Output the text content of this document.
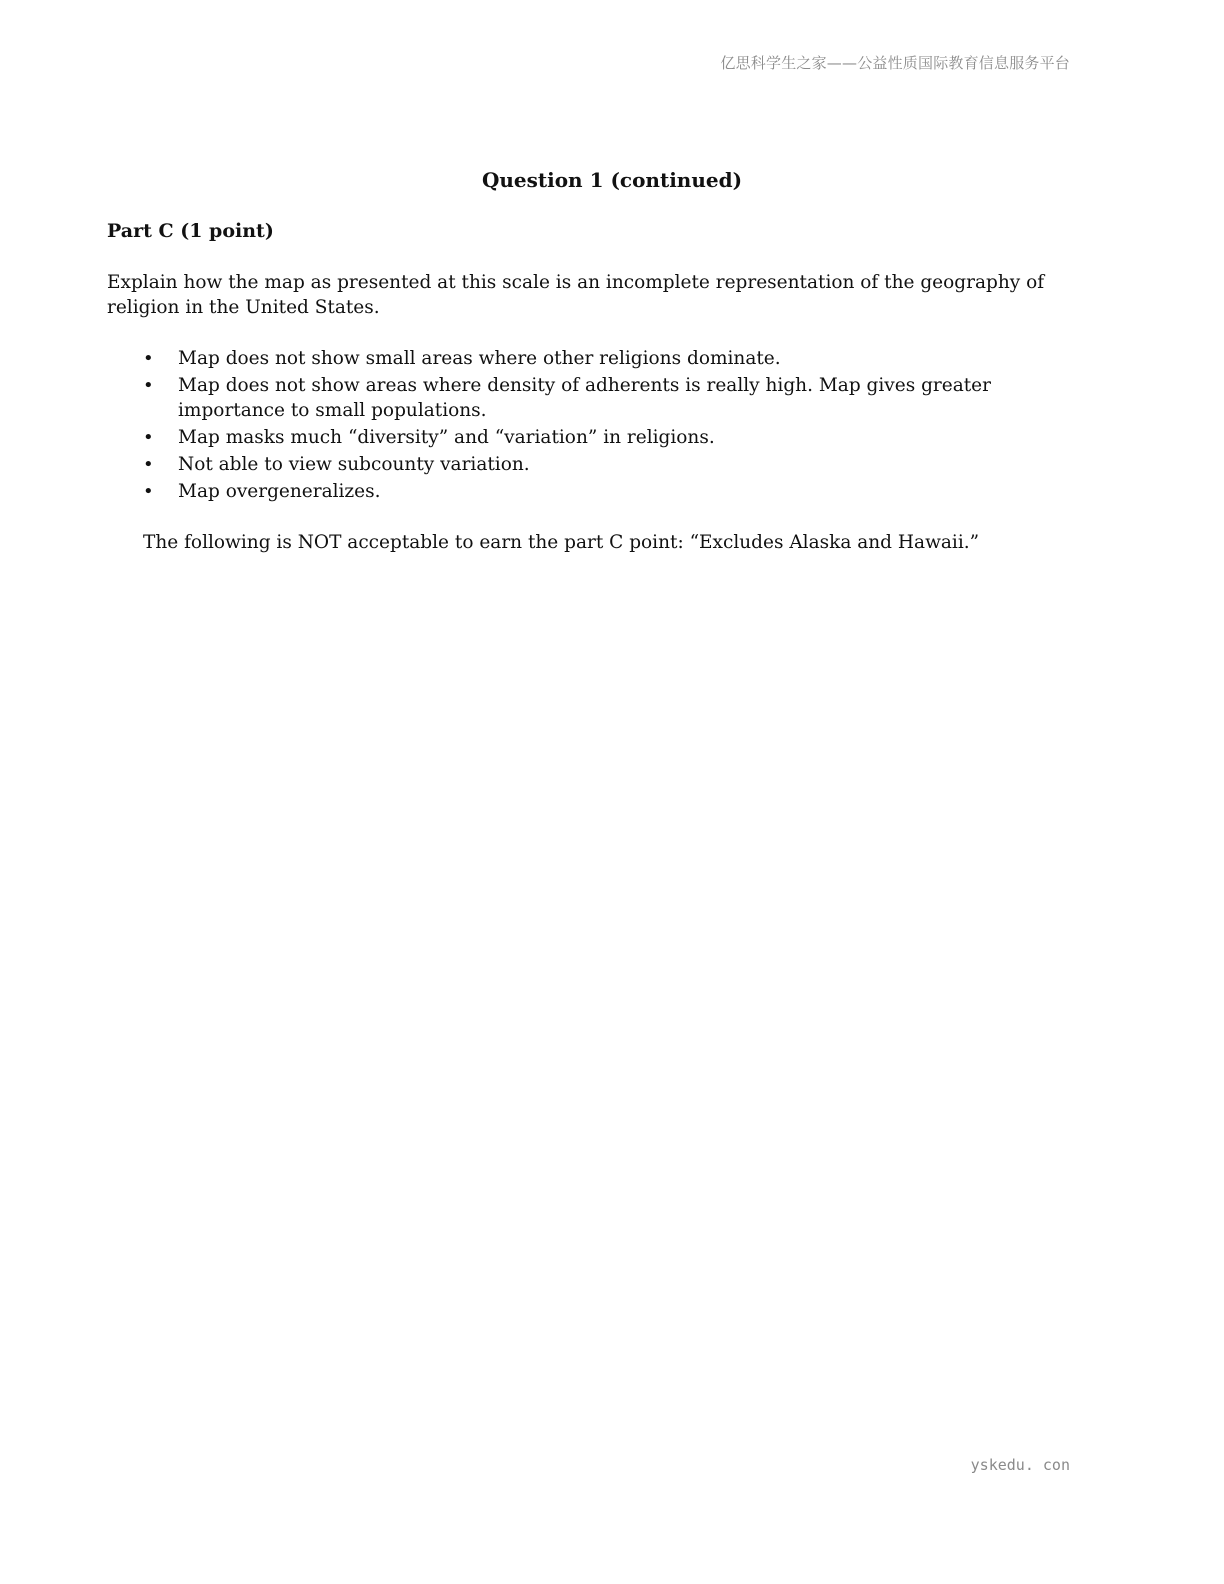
亿思科学生之家——公益性质国际教育信息服务平台
Question 1 (continued)
Part C (1 point)

Explain how the map as presented at this scale is an incomplete representation of the geography of religion in the United States.

• Map does not show small areas where other religions dominate.
• Map does not show areas where density of adherents is really high. Map gives greater importance to small populations.
• Map masks much “diversity” and “variation” in religions.
• Not able to view subcounty variation.
• Map overgeneralizes.

The following is NOT acceptable to earn the part C point: “Excludes Alaska and Hawaii.”

yskedu. con
